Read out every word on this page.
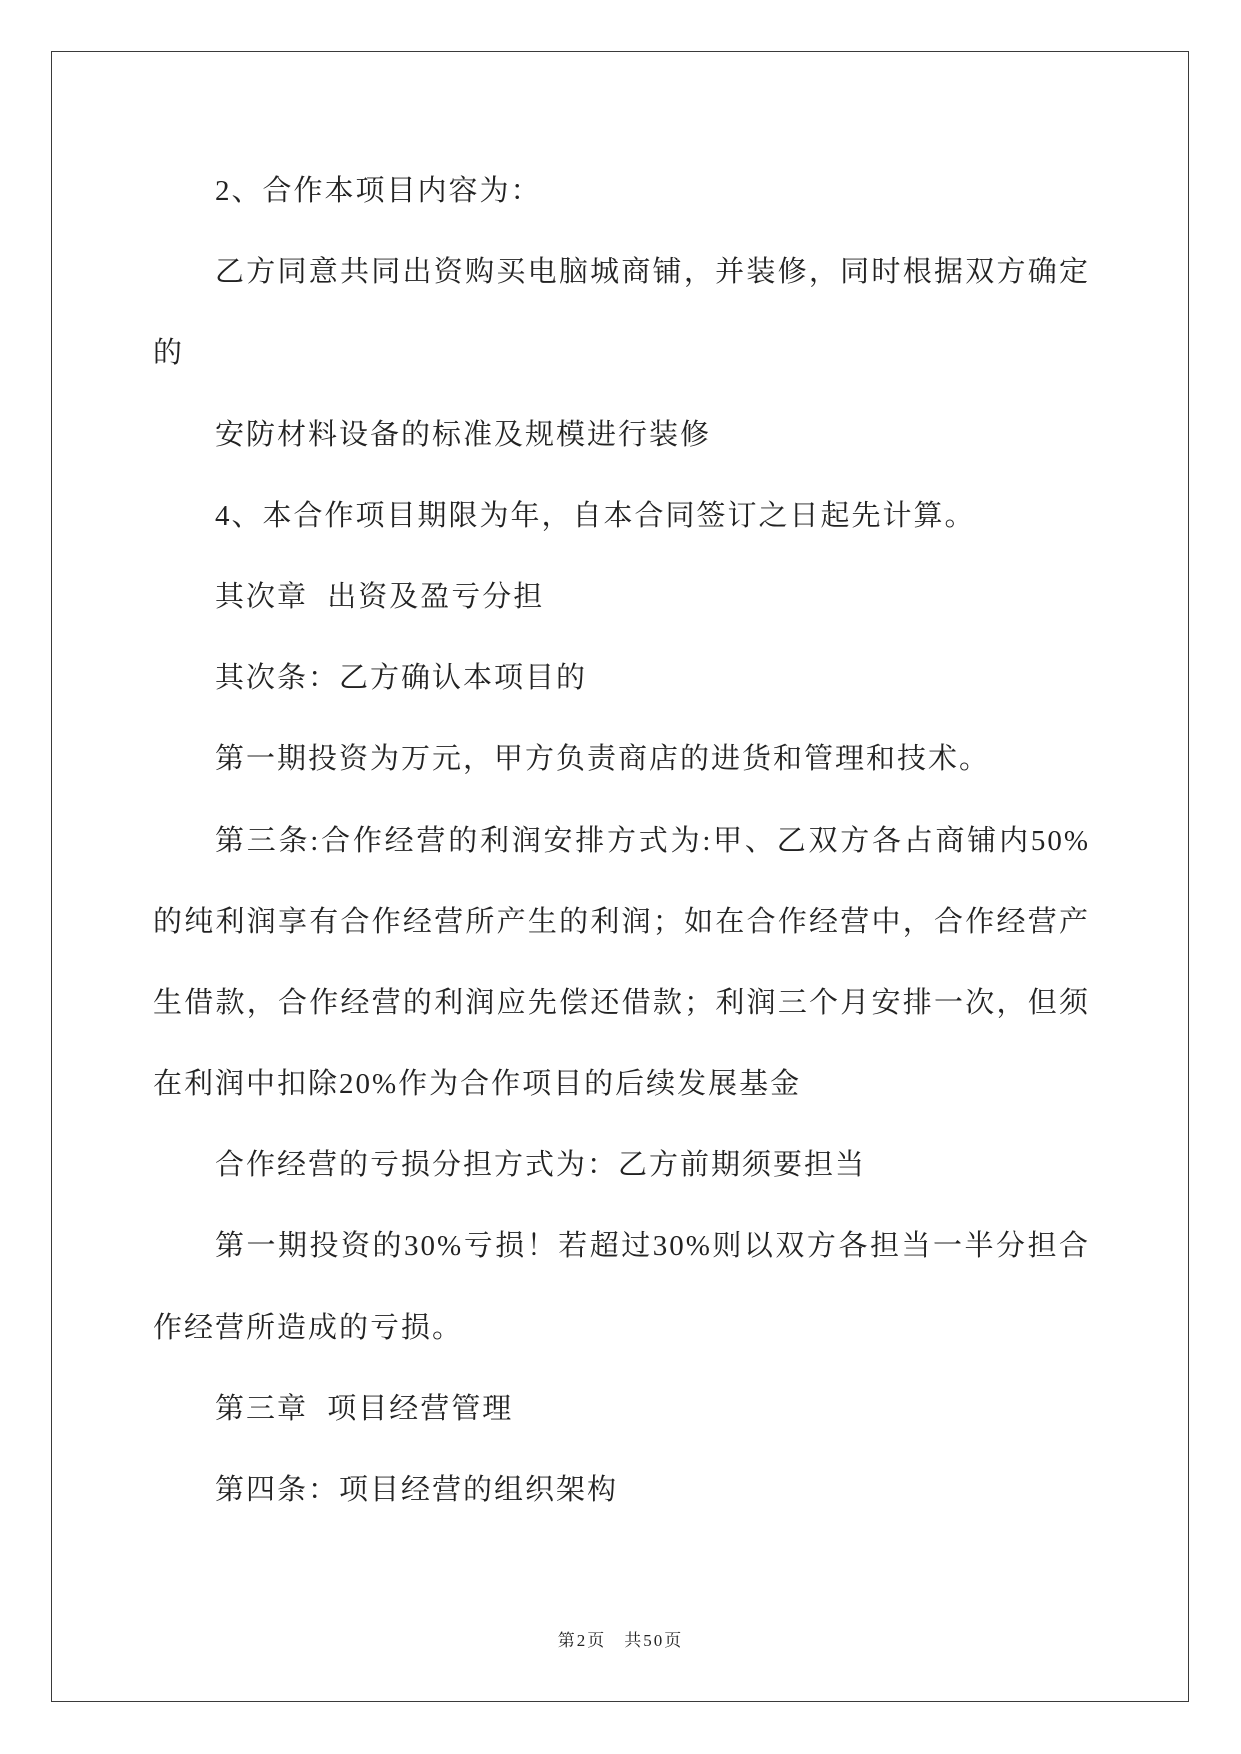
2、合作本项目内容为：
乙方同意共同出资购买电脑城商铺，并装修，同时根据双方确定
的
安防材料设备的标准及规模进行装修
4、本合作项目期限为年，自本合同签订之日起先计算。
其次章 出资及盈亏分担
其次条：乙方确认本项目的
第一期投资为万元，甲方负责商店的进货和管理和技术。
第三条:合作经营的利润安排方式为:甲、乙双方各占商铺内50%
的纯利润享有合作经营所产生的利润；如在合作经营中，合作经营产
生借款，合作经营的利润应先偿还借款；利润三个月安排一次，但须
在利润中扣除20%作为合作项目的后续发展基金
合作经营的亏损分担方式为：乙方前期须要担当
第一期投资的30%亏损！若超过30%则以双方各担当一半分担合
作经营所造成的亏损。
第三章 项目经营管理
第四条：项目经营的组织架构
第2页 共50页
